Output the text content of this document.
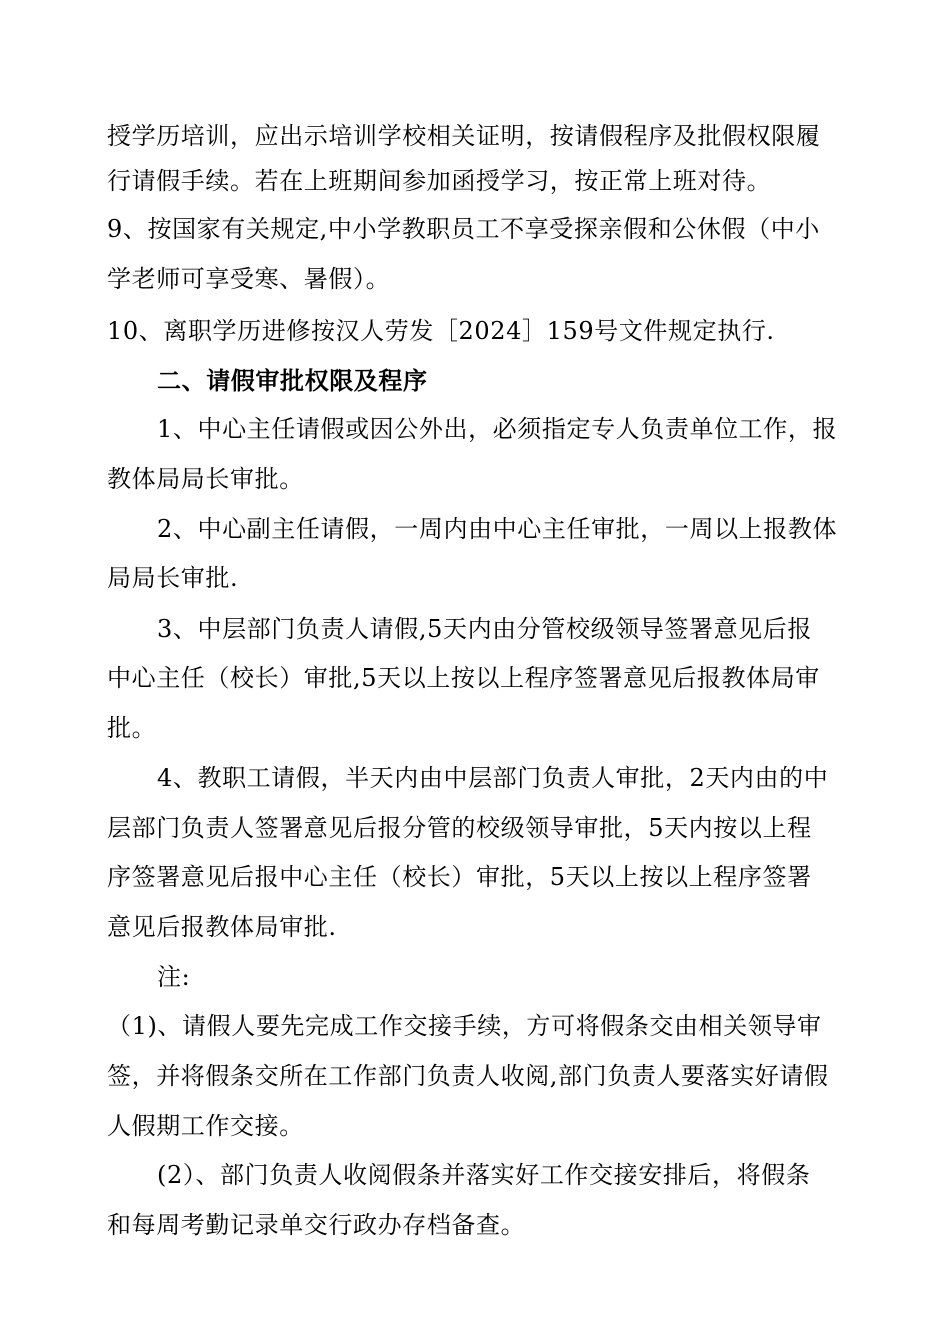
授学历培训，应出示培训学校相关证明，按请假程序及批假权限履
行请假手续。若在上班期间参加函授学习，按正常上班对待。
9、按国家有关规定,中小学教职员工不享受探亲假和公休假（中小
学老师可享受寒、暑假）。
10、离职学历进修按汉人劳发［2024］159号文件规定执行.
二、请假审批权限及程序
1、中心主任请假或因公外出，必须指定专人负责单位工作，报
教体局局长审批。
2、中心副主任请假，一周内由中心主任审批，一周以上报教体
局局长审批.
3、中层部门负责人请假,5天内由分管校级领导签署意见后报
中心主任（校长）审批,5天以上按以上程序签署意见后报教体局审
批。
4、教职工请假，半天内由中层部门负责人审批，2天内由的中
层部门负责人签署意见后报分管的校级领导审批，5天内按以上程
序签署意见后报中心主任（校长）审批，5天以上按以上程序签署
意见后报教体局审批.
注:
（1)、请假人要先完成工作交接手续，方可将假条交由相关领导审
签，并将假条交所在工作部门负责人收阅,部门负责人要落实好请假
人假期工作交接。
(2）、部门负责人收阅假条并落实好工作交接安排后，将假条
和每周考勤记录单交行政办存档备查。
